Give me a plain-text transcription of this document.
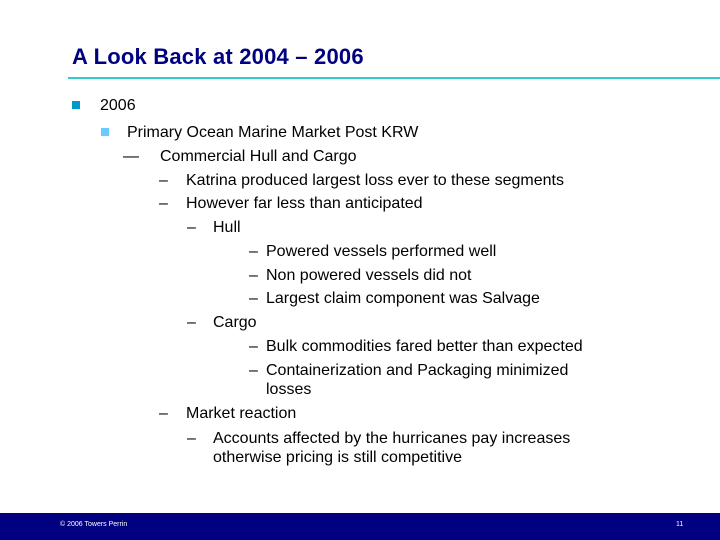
A Look Back at 2004 – 2006
2006
Primary Ocean Marine Market Post KRW
— Commercial Hull and Cargo
– Katrina produced largest loss ever to these segments
– However far less than anticipated
– Hull
– Powered vessels performed well
– Non powered vessels did not
– Largest claim component was Salvage
– Cargo
– Bulk commodities fared better than expected
– Containerization and Packaging minimized
losses
– Market reaction
– Accounts affected by the hurricanes pay increases
otherwise pricing is still competitive
© 2006 Towers Perrin	11
